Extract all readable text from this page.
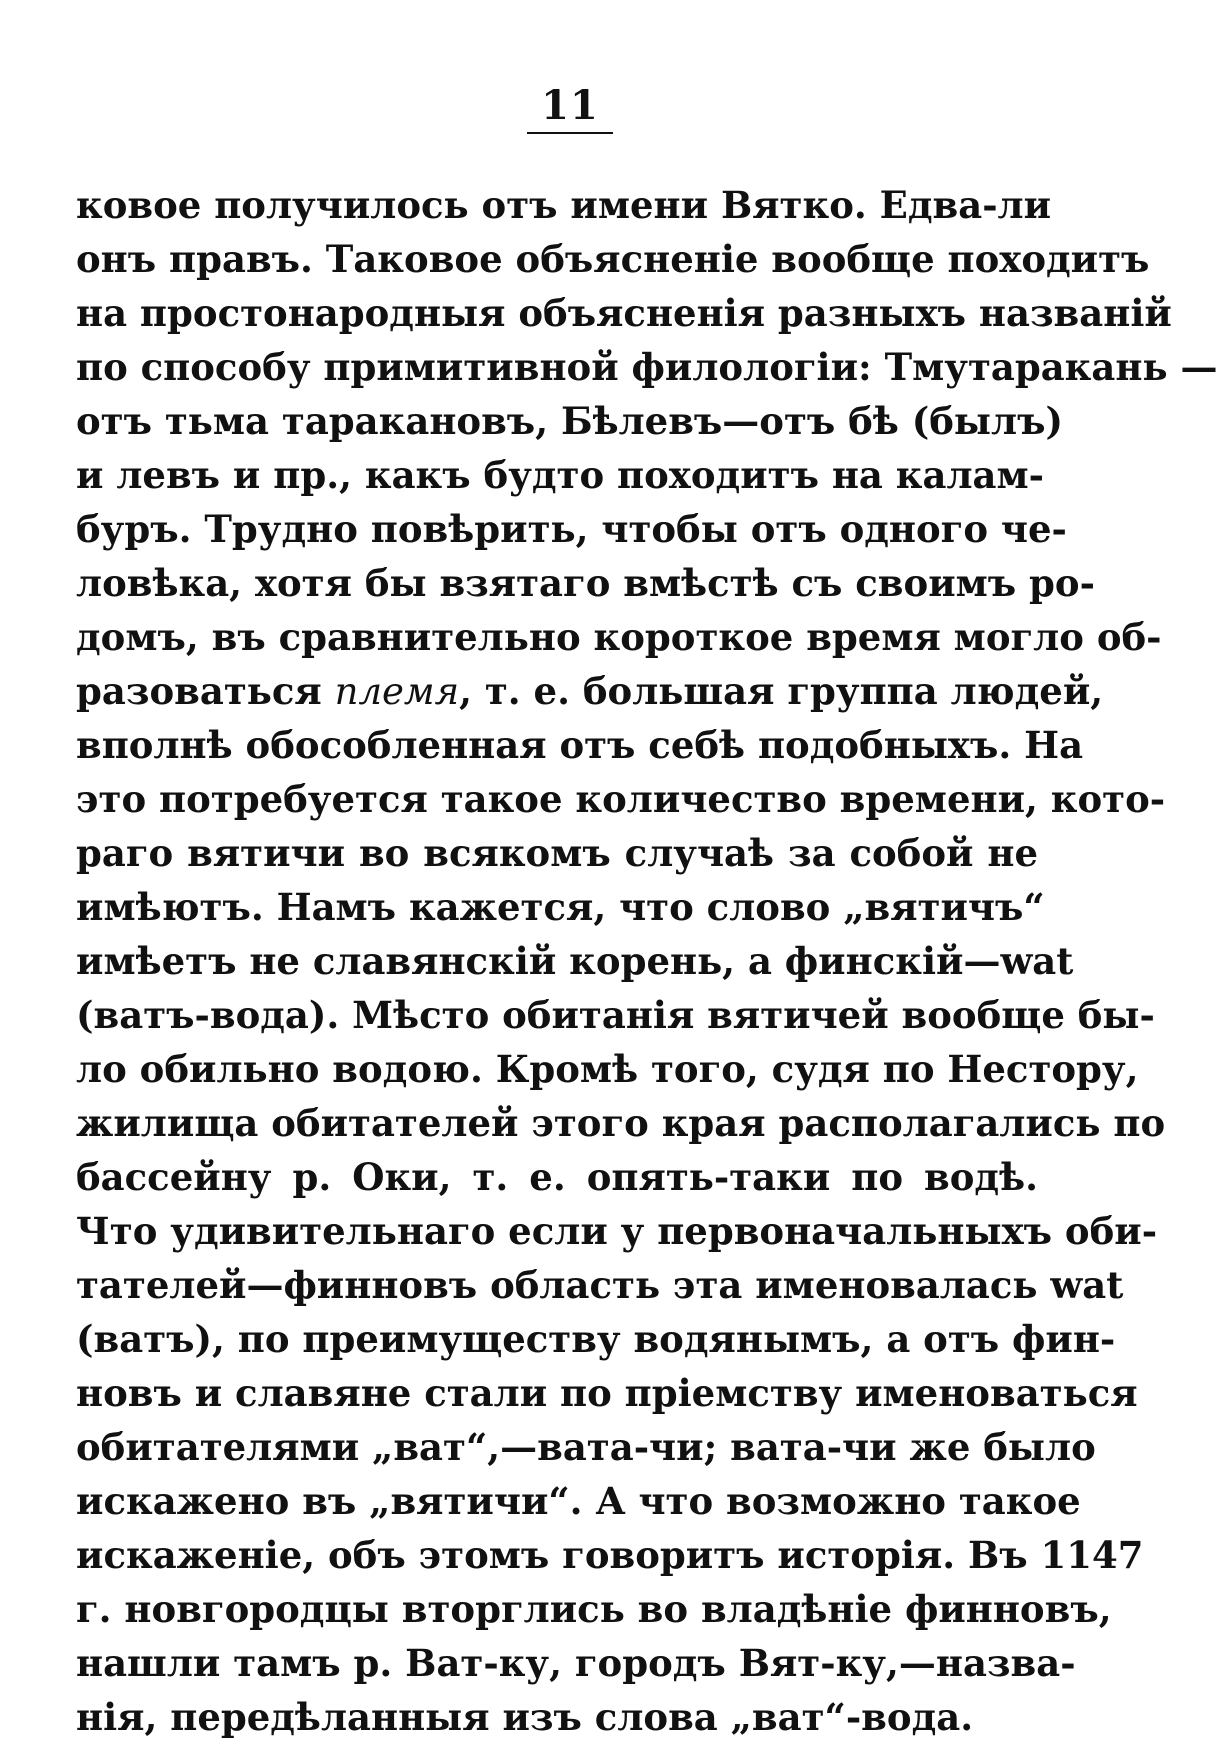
11
ковое получилось отъ имени Вятко. Едва-ли
онъ правъ. Таковое объясненіе вообще походитъ
на простонародныя объясненія разныхъ названій
по способу примитивной филологіи: Тмутаракань —
отъ тьма таракановъ, Бѣлевъ—отъ бѣ (былъ)
и левъ и пр., какъ будто походитъ на калам-
буръ. Трудно повѣрить, чтобы отъ одного че-
ловѣка, хотя бы взятаго вмѣстѣ съ своимъ ро-
домъ, въ сравнительно короткое время могло об-
разоваться племя, т. е. большая группа людей,
вполнѣ обособленная отъ себѣ подобныхъ. На
это потребуется такое количество времени, кото-
раго вятичи во всякомъ случаѣ за собой не
имѣютъ. Намъ кажется, что слово „вятичъ“
имѣетъ не славянскій корень, а финскій—wat
(ватъ-вода). Мѣсто обитанія вятичей вообще бы-
ло обильно водою. Кромѣ того, судя по Нестору,
жилища обитателей этого края располагались по
бассейну р. Оки, т. е. опять-таки по водѣ.
Что удивительнаго если у первоначальныхъ оби-
тателей—финновъ область эта именовалась wat
(ватъ), по преимуществу водянымъ, а отъ фин-
новъ и славяне стали по пріемству именоваться
обитателями „ват“,—вата-чи; вата-чи же было
искажено въ „вятичи“. А что возможно такое
искаженіе, объ этомъ говоритъ исторія. Въ 1147
г. новгородцы вторглись во владѣніе финновъ,
нашли тамъ р. Ват-ку, городъ Вят-ку,—назва-
нія, передѣланныя изъ слова „ват“-вода.
